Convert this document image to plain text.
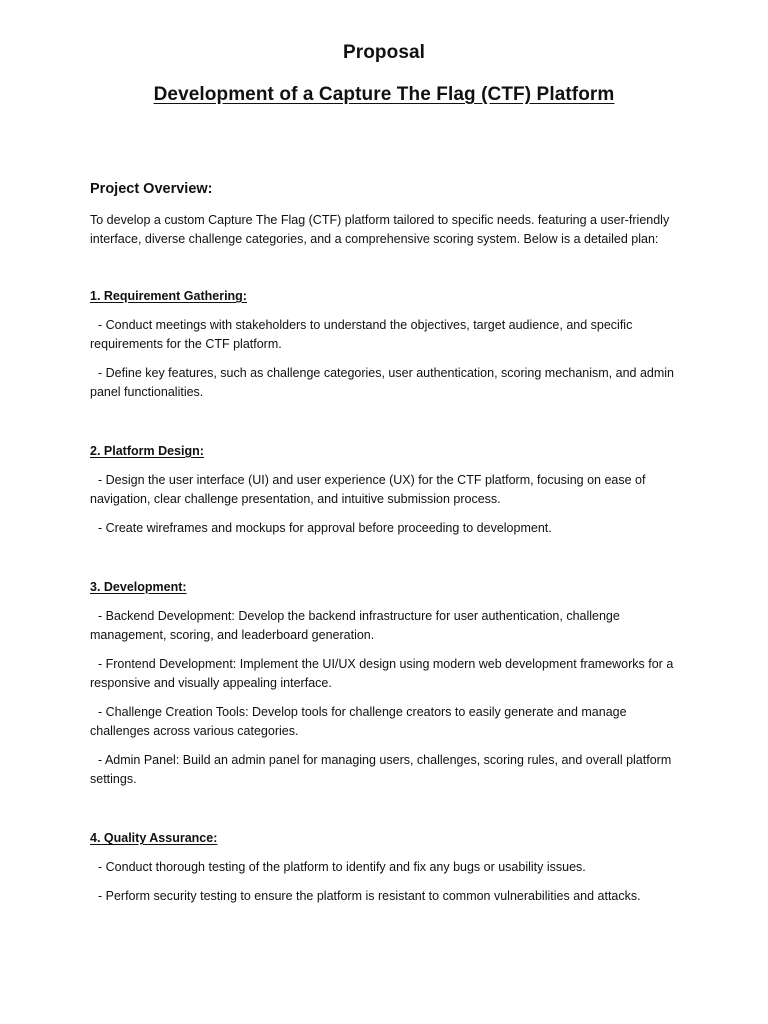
Proposal
Development of a Capture The Flag (CTF) Platform
Project Overview:

To develop a custom Capture The Flag (CTF) platform tailored to specific needs. featuring a user-friendly interface, diverse challenge categories, and a comprehensive scoring system. Below is a detailed plan:

1. Requirement Gathering:

- Conduct meetings with stakeholders to understand the objectives, target audience, and specific requirements for the CTF platform.

- Define key features, such as challenge categories, user authentication, scoring mechanism, and admin panel functionalities.

2. Platform Design:

- Design the user interface (UI) and user experience (UX) for the CTF platform, focusing on ease of navigation, clear challenge presentation, and intuitive submission process.

- Create wireframes and mockups for approval before proceeding to development.

3. Development:

- Backend Development: Develop the backend infrastructure for user authentication, challenge management, scoring, and leaderboard generation.

- Frontend Development: Implement the UI/UX design using modern web development frameworks for a responsive and visually appealing interface.

- Challenge Creation Tools: Develop tools for challenge creators to easily generate and manage challenges across various categories.

- Admin Panel: Build an admin panel for managing users, challenges, scoring rules, and overall platform settings.

4. Quality Assurance:

- Conduct thorough testing of the platform to identify and fix any bugs or usability issues.

- Perform security testing to ensure the platform is resistant to common vulnerabilities and attacks.
